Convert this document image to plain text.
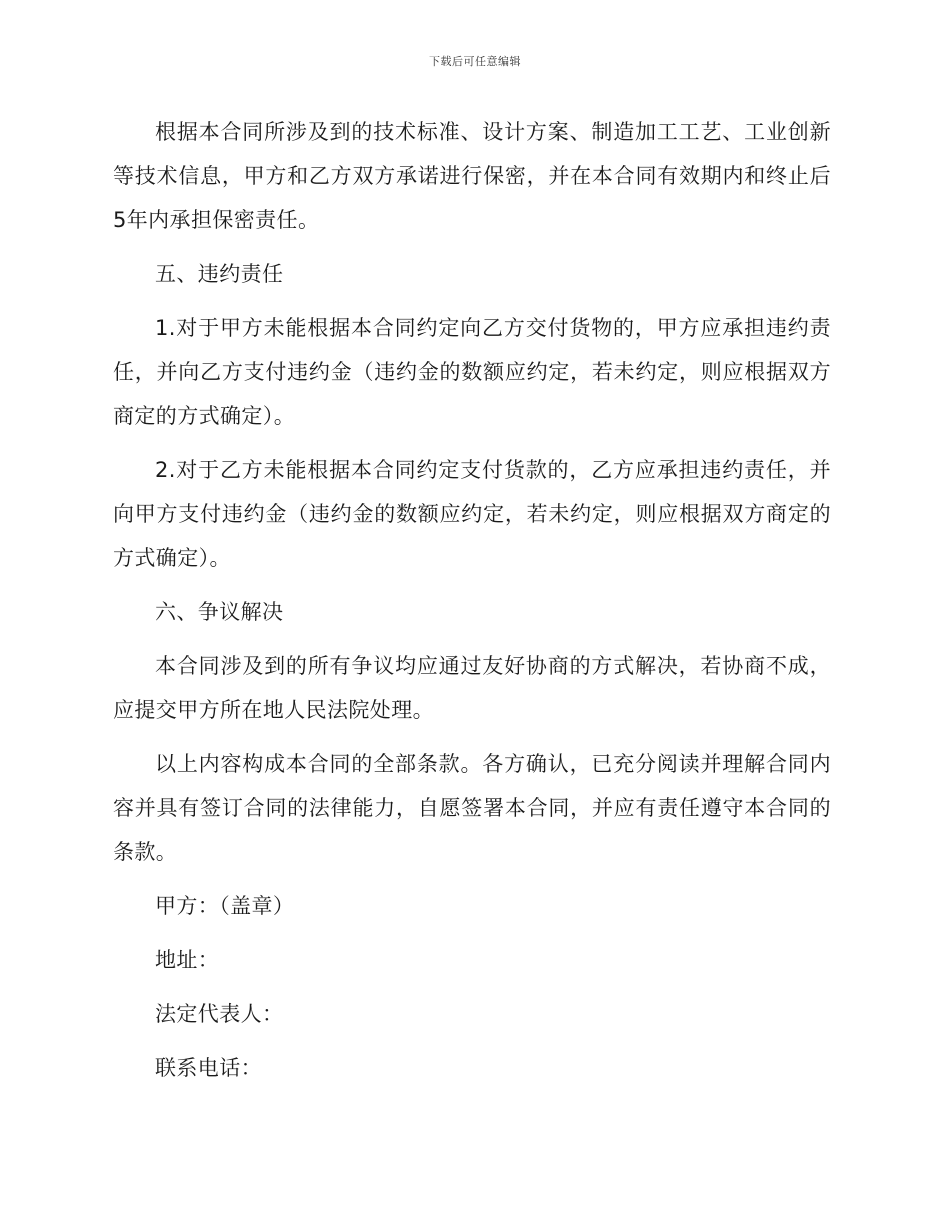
下载后可任意编辑

根据本合同所涉及到的技术标准、设计方案、制造加工工艺、工业创新等技术信息，甲方和乙方双方承诺进行保密，并在本合同有效期内和终止后5年内承担保密责任。

五、违约责任

1.对于甲方未能根据本合同约定向乙方交付货物的，甲方应承担违约责任，并向乙方支付违约金（违约金的数额应约定，若未约定，则应根据双方商定的方式确定）。

2.对于乙方未能根据本合同约定支付货款的，乙方应承担违约责任，并向甲方支付违约金（违约金的数额应约定，若未约定，则应根据双方商定的方式确定）。

六、争议解决

本合同涉及到的所有争议均应通过友好协商的方式解决，若协商不成，应提交甲方所在地人民法院处理。

以上内容构成本合同的全部条款。各方确认，已充分阅读并理解合同内容并具有签订合同的法律能力，自愿签署本合同，并应有责任遵守本合同的条款。

甲方：（盖章）

地址：

法定代表人：

联系电话：
